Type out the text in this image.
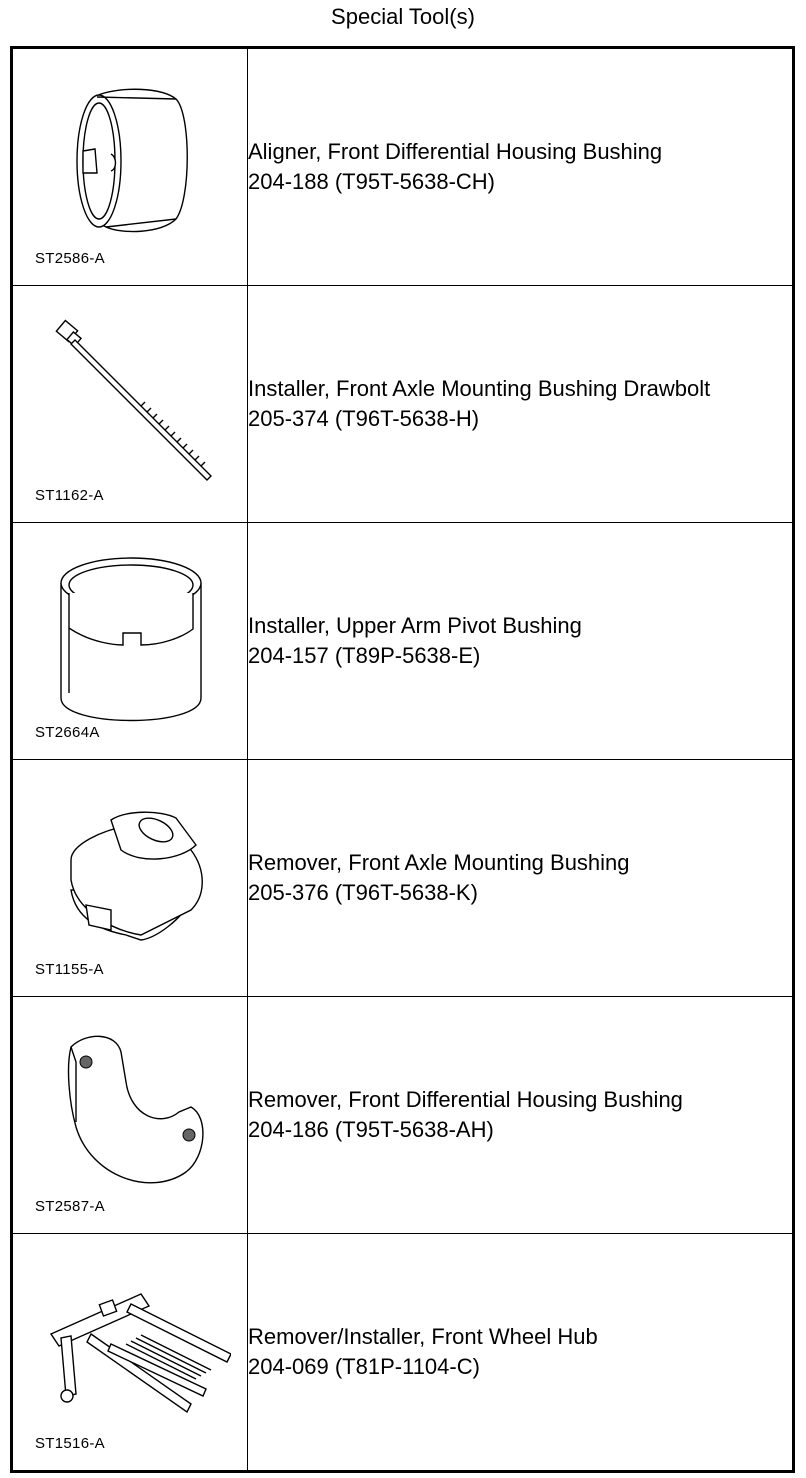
Special Tool(s)
ST2586-A	Aligner, Front Differential Housing Bushing
204-188 (T95T-5638-CH)

ST1162-A	Installer, Front Axle Mounting Bushing Drawbolt
205-374 (T96T-5638-H)

ST2664A	Installer, Upper Arm Pivot Bushing
204-157 (T89P-5638-E)

ST1155-A	Remover, Front Axle Mounting Bushing
205-376 (T96T-5638-K)

ST2587-A	Remover, Front Differential Housing Bushing
204-186 (T95T-5638-AH)

ST1516-A	Remover/Installer, Front Wheel Hub
204-069 (T81P-1104-C)
